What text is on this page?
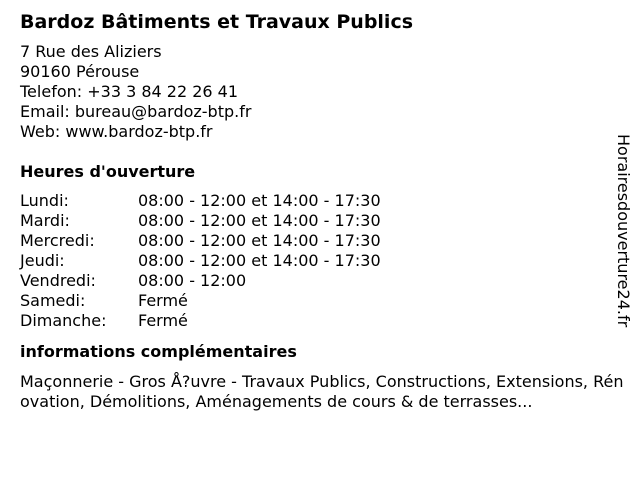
Bardoz Bâtiments et Travaux Publics
7 Rue des Aliziers
90160 Pérouse
Telefon: +33 3 84 22 26 41
Email: bureau@bardoz-btp.fr
Web: www.bardoz-btp.fr
Heures d'ouverture
Lundi:	08:00 - 12:00 et 14:00 - 17:30
Mardi:	08:00 - 12:00 et 14:00 - 17:30
Mercredi:	08:00 - 12:00 et 14:00 - 17:30
Jeudi:	08:00 - 12:00 et 14:00 - 17:30
Vendredi:	08:00 - 12:00
Samedi:	Fermé
Dimanche:	Fermé
informations complémentaires
Maçonnerie - Gros Å?uvre - Travaux Publics, Constructions, Extensions, Rénovation, Démolitions, Aménagements de cours & de terrasses...
Horairesdouverture24.fr
